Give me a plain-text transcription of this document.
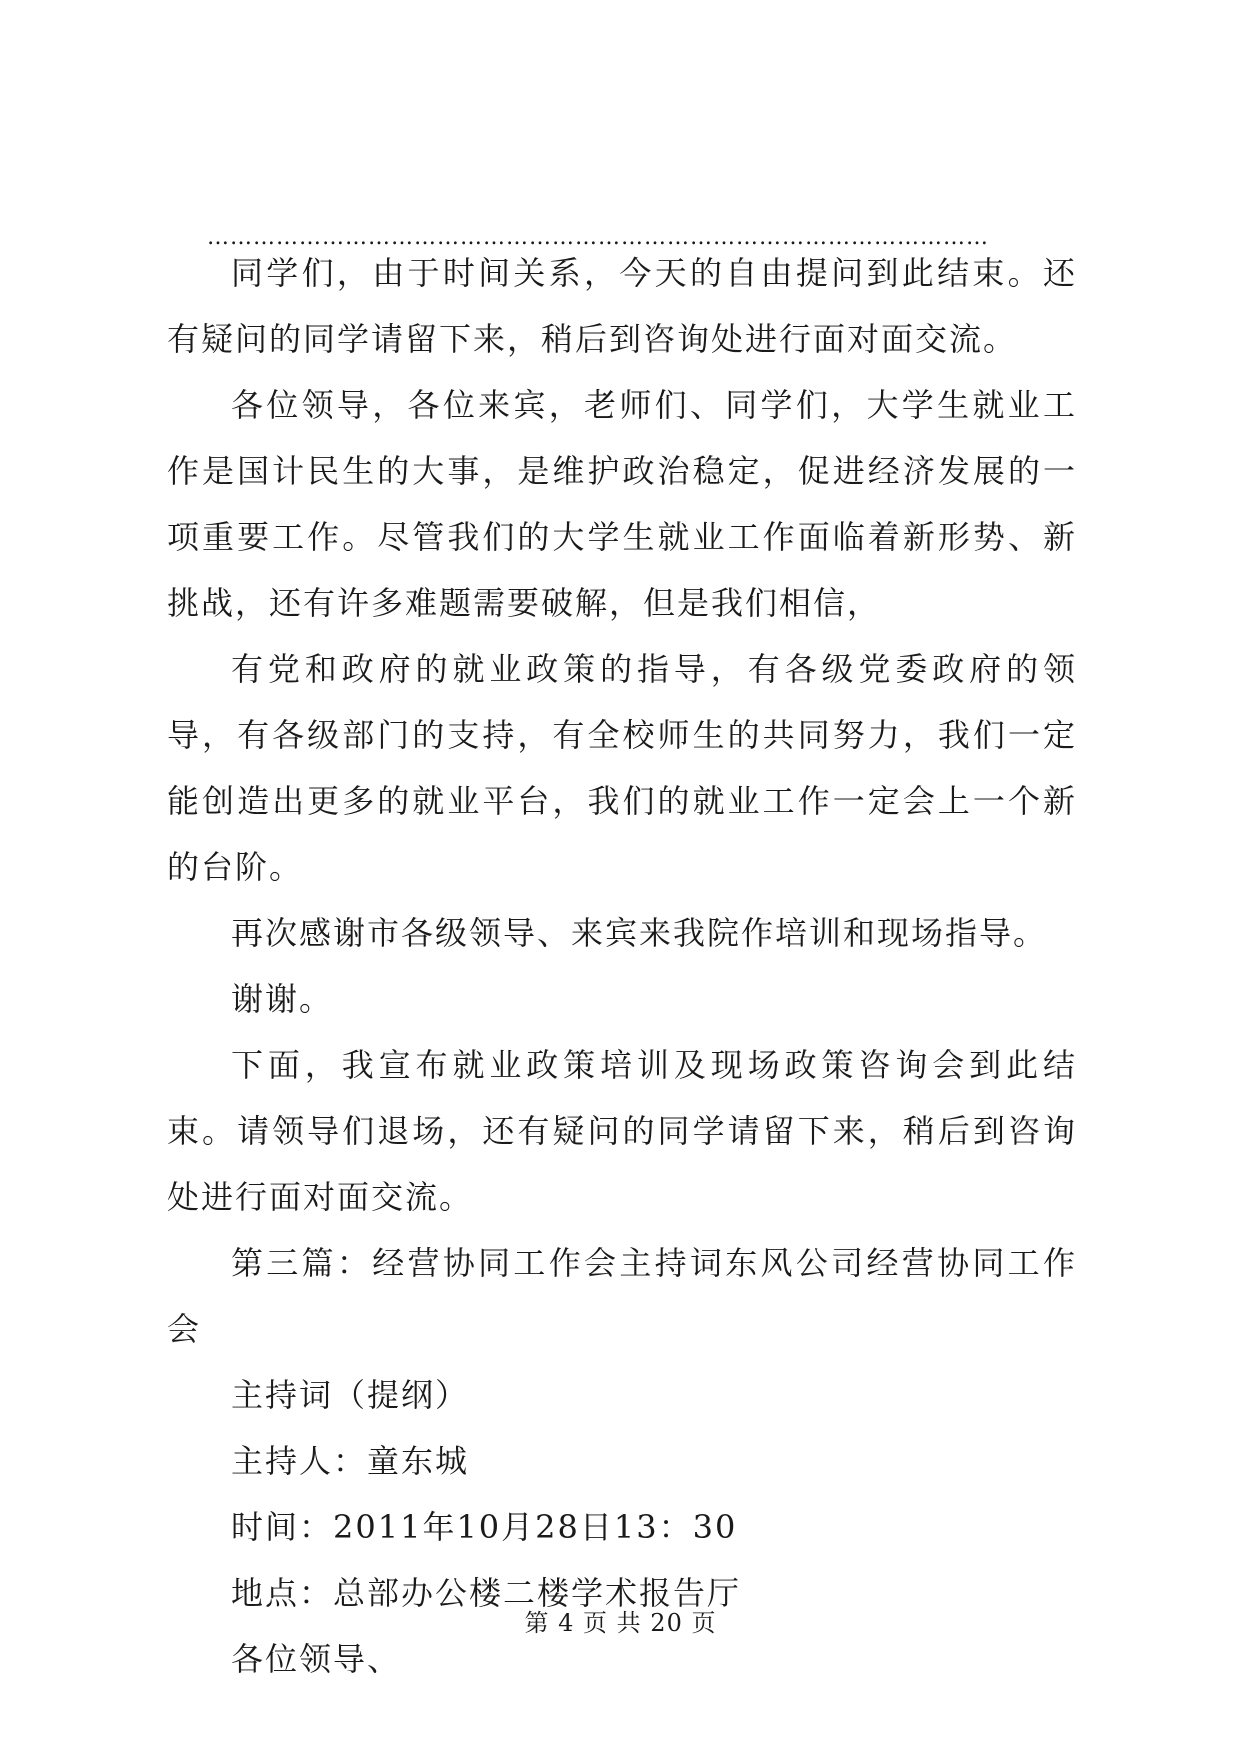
…………………………………………………………………………………………

同学们，由于时间关系，今天的自由提问到此结束。还有疑问的同学请留下来，稍后到咨询处进行面对面交流。

各位领导，各位来宾，老师们、同学们，大学生就业工作是国计民生的大事，是维护政治稳定，促进经济发展的一项重要工作。尽管我们的大学生就业工作面临着新形势、新挑战，还有许多难题需要破解，但是我们相信，

有党和政府的就业政策的指导，有各级党委政府的领导，有各级部门的支持，有全校师生的共同努力，我们一定能创造出更多的就业平台，我们的就业工作一定会上一个新的台阶。

再次感谢市各级领导、来宾来我院作培训和现场指导。

谢谢。

下面，我宣布就业政策培训及现场政策咨询会到此结束。请领导们退场，还有疑问的同学请留下来，稍后到咨询处进行面对面交流。

第三篇：经营协同工作会主持词东风公司经营协同工作会

主持词（提纲）

主持人：童东城

时间：2011年10月28日13：30

地点：总部办公楼二楼学术报告厅

各位领导、

第 4 页 共 20 页
